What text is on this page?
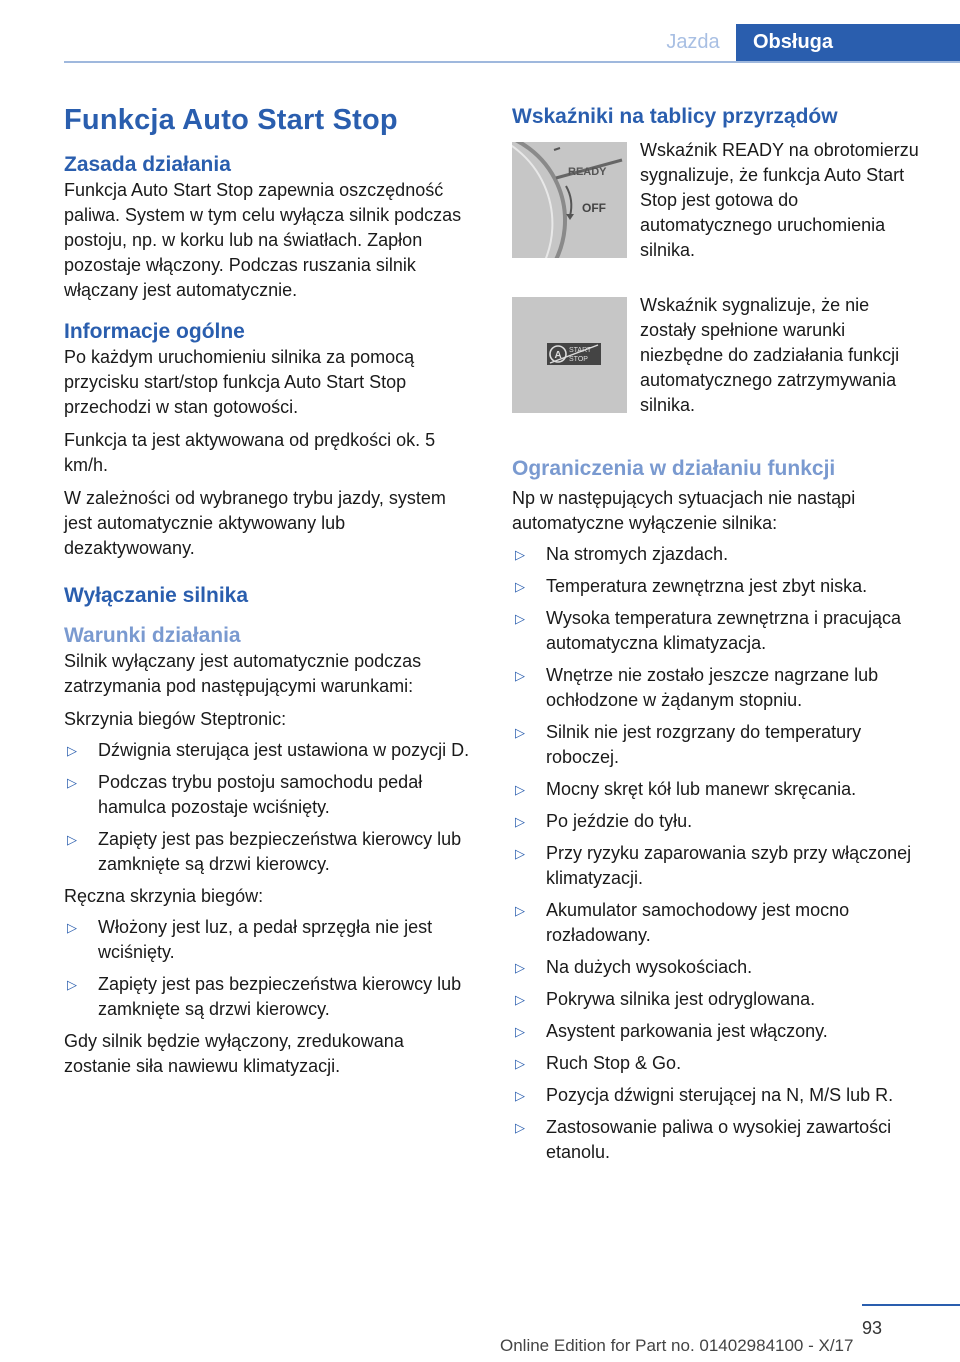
Jazda	Obsługa
Funkcja Auto Start Stop
Zasada działania

Funkcja Auto Start Stop zapewnia oszczędność paliwa. System w tym celu wyłącza silnik podczas postoju, np. w korku lub na światłach. Zapłon pozostaje włączony. Podczas ruszania silnik włączany jest automatycznie.

Informacje ogólne

Po każdym uruchomieniu silnika za pomocą przycisku start/stop funkcja Auto Start Stop przechodzi w stan gotowości.

Funkcja ta jest aktywowana od prędkości ok. 5 km/h.

W zależności od wybranego trybu jazdy, system jest automatycznie aktywowany lub dezaktywowany.

Wyłączanie silnika
Warunki działania

Silnik wyłączany jest automatycznie podczas zatrzymania pod następującymi warunkami:

Skrzynia biegów Steptronic:

▷ Dźwignia sterująca jest ustawiona w pozycji D.
▷ Podczas trybu postoju samochodu pedał hamulca pozostaje wciśnięty.
▷ Zapięty jest pas bezpieczeństwa kierowcy lub zamknięte są drzwi kierowcy.

Ręczna skrzynia biegów:

▷ Włożony jest luz, a pedał sprzęgła nie jest wciśnięty.
▷ Zapięty jest pas bezpieczeństwa kierowcy lub zamknięte są drzwi kierowcy.

Gdy silnik będzie wyłączony, zredukowana zostanie siła nawiewu klimatyzacji.

Wskaźniki na tablicy przyrządów
READY
OFF

Wskaźnik READY na obrotomierzu sygnalizuje, że funkcja Auto Start Stop jest gotowa do automatycznego uruchomienia silnika.

A START
STOP

Wskaźnik sygnalizuje, że nie zostały spełnione warunki niezbędne do zadziałania funkcji automatycznego zatrzymywania silnika.

Ograniczenia w działaniu funkcji

Np w następujących sytuacjach nie nastąpi automatyczne wyłączenie silnika:

▷ Na stromych zjazdach.
▷ Temperatura zewnętrzna jest zbyt niska.
▷ Wysoka temperatura zewnętrzna i pracująca automatyczna klimatyzacja.
▷ Wnętrze nie zostało jeszcze nagrzane lub ochłodzone w żądanym stopniu.
▷ Silnik nie jest rozgrzany do temperatury roboczej.
▷ Mocny skręt kół lub manewr skręcania.
▷ Po jeździe do tyłu.
▷ Przy ryzyku zaparowania szyb przy włączonej klimatyzacji.
▷ Akumulator samochodowy jest mocno rozładowany.
▷ Na dużych wysokościach.
▷ Pokrywa silnika jest odryglowana.
▷ Asystent parkowania jest włączony.
▷ Ruch Stop & Go.
▷ Pozycja dźwigni sterującej na N, M/S lub R.
▷ Zastosowanie paliwa o wysokiej zawartości etanolu.
93
Online Edition for Part no. 01402984100 - X/17
